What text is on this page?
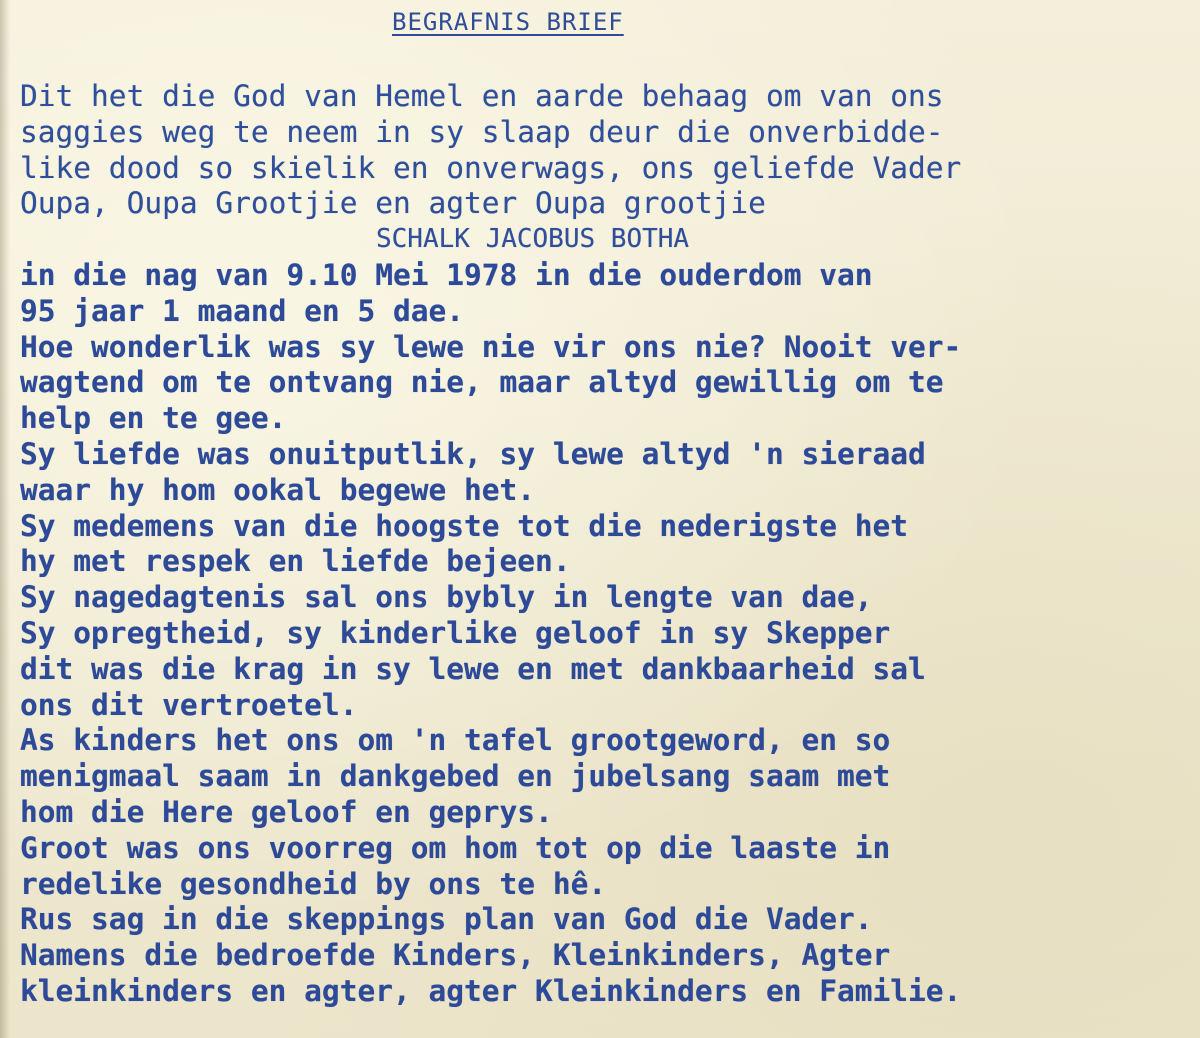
BEGRAFNIS BRIEF
Dit het die God van Hemel en aarde behaag om van ons
saggies weg te neem in sy slaap deur die onverbidde-
like dood so skielik en onverwags, ons geliefde Vader
Oupa, Oupa Grootjie en agter Oupa grootjie
SCHALK JACOBUS BOTHA
in die nag van 9.10 Mei 1978 in die ouderdom van
95 jaar 1 maand en 5 dae.
Hoe wonderlik was sy lewe nie vir ons nie? Nooit ver-
wagtend om te ontvang nie, maar altyd gewillig om te
help en te gee.
Sy liefde was onuitputlik, sy lewe altyd 'n sieraad
waar hy hom ookal begewe het.
Sy medemens van die hoogste tot die nederigste het
hy met respek en liefde bejeen.
Sy nagedagtenis sal ons bybly in lengte van dae,
Sy opregtheid, sy kinderlike geloof in sy Skepper
dit was die krag in sy lewe en met dankbaarheid sal
ons dit vertroetel.
As kinders het ons om 'n tafel grootgeword, en so
menigmaal saam in dankgebed en jubelsang saam met
hom die Here geloof en geprys.
Groot was ons voorreg om hom tot op die laaste in
redelike gesondheid by ons te hê.
Rus sag in die skeppings plan van God die Vader.
Namens die bedroefde Kinders, Kleinkinders, Agter
kleinkinders en agter, agter Kleinkinders en Familie.
